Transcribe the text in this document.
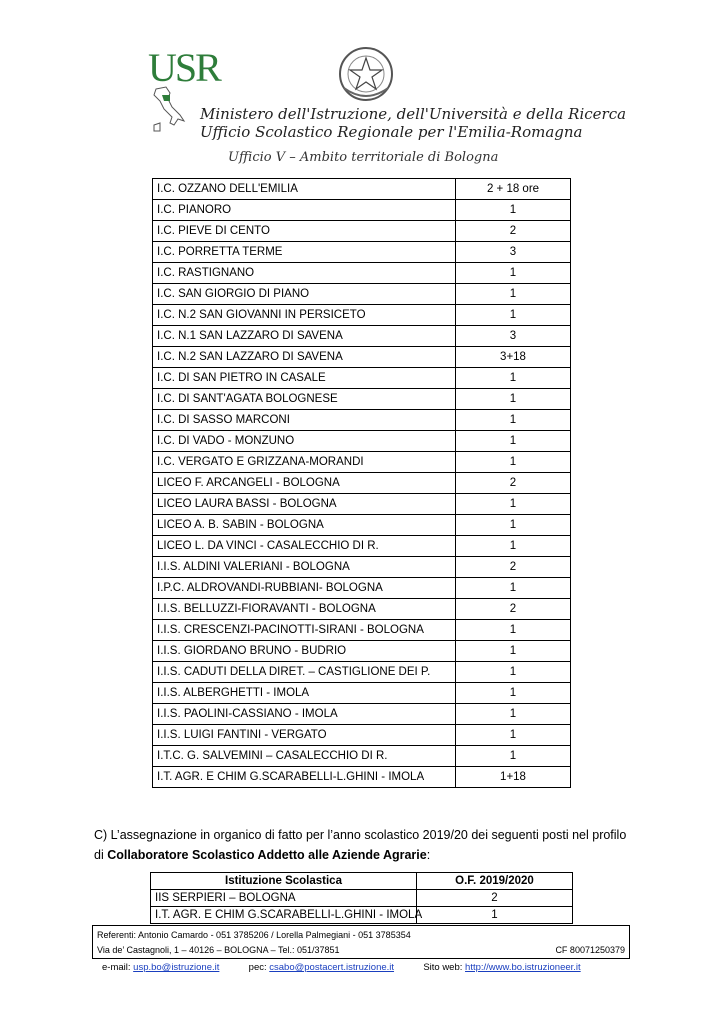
USR
Ministero dell'Istruzione, dell'Università e della Ricerca
Ufficio Scolastico Regionale per l'Emilia-Romagna
Ufficio V – Ambito territoriale di Bologna
I.C. OZZANO DELL'EMILIA	2 + 18 ore
I.C. PIANORO	1
I.C. PIEVE DI CENTO	2
I.C. PORRETTA TERME	3
I.C. RASTIGNANO	1
I.C. SAN GIORGIO DI PIANO	1
I.C. N.2 SAN GIOVANNI IN PERSICETO	1
I.C. N.1 SAN LAZZARO DI SAVENA	3
I.C. N.2 SAN LAZZARO DI SAVENA	3+18
I.C. DI SAN PIETRO IN CASALE	1
I.C. DI SANT'AGATA BOLOGNESE	1
I.C. DI SASSO MARCONI	1
I.C. DI VADO - MONZUNO	1
I.C. VERGATO E GRIZZANA-MORANDI	1
LICEO F. ARCANGELI - BOLOGNA	2
LICEO LAURA BASSI - BOLOGNA	1
LICEO A. B. SABIN - BOLOGNA	1
LICEO L. DA VINCI - CASALECCHIO DI R.	1
I.I.S. ALDINI VALERIANI - BOLOGNA	2
I.P.C. ALDROVANDI-RUBBIANI- BOLOGNA	1
I.I.S. BELLUZZI-FIORAVANTI - BOLOGNA	2
I.I.S. CRESCENZI-PACINOTTI-SIRANI - BOLOGNA	1
I.I.S. GIORDANO BRUNO - BUDRIO	1
I.I.S. CADUTI DELLA DIRET. – CASTIGLIONE DEI P.	1
I.I.S. ALBERGHETTI - IMOLA	1
I.I.S. PAOLINI-CASSIANO - IMOLA	1
I.I.S. LUIGI FANTINI - VERGATO	1
I.T.C. G. SALVEMINI – CASALECCHIO DI R.	1
I.T. AGR. E CHIM G.SCARABELLI-L.GHINI - IMOLA	1+18
C) L’assegnazione in organico di fatto per l’anno scolastico 2019/20 dei seguenti posti nel profilo
di Collaboratore Scolastico Addetto alle Aziende Agrarie:
Istituzione Scolastica	O.F. 2019/2020
IIS SERPIERI – BOLOGNA	2
I.T. AGR. E CHIM G.SCARABELLI-L.GHINI - IMOLA	1
Referenti: Antonio Camardo - 051 3785206 / Lorella Palmegiani - 051 3785354
Via de’ Castagnoli, 1 – 40126 – BOLOGNA – Tel.: 051/37851	CF 80071250379
e-mail: usp.bo@istruzione.it	pec: csabo@postacert.istruzione.it	Sito web: http://www.bo.istruzioneer.it
